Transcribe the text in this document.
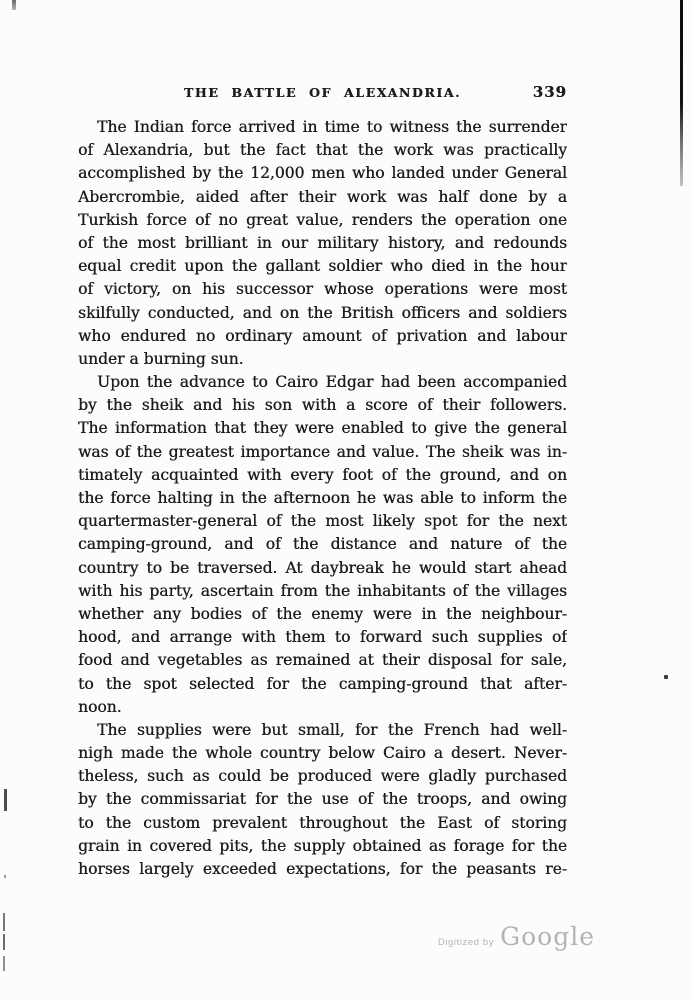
THE BATTLE OF ALEXANDRIA.	339
The Indian force arrived in time to witness the surrender
of Alexandria, but the fact that the work was practically
accomplished by the 12,000 men who landed under General
Abercrombie, aided after their work was half done by a
Turkish force of no great value, renders the operation one
of the most brilliant in our military history, and redounds
equal credit upon the gallant soldier who died in the hour
of victory, on his successor whose operations were most
skilfully conducted, and on the British officers and soldiers
who endured no ordinary amount of privation and labour
under a burning sun.
Upon the advance to Cairo Edgar had been accompanied
by the sheik and his son with a score of their followers.
The information that they were enabled to give the general
was of the greatest importance and value. The sheik was in-
timately acquainted with every foot of the ground, and on
the force halting in the afternoon he was able to inform the
quartermaster-general of the most likely spot for the next
camping-ground, and of the distance and nature of the
country to be traversed. At daybreak he would start ahead
with his party, ascertain from the inhabitants of the villages
whether any bodies of the enemy were in the neighbour-
hood, and arrange with them to forward such supplies of
food and vegetables as remained at their disposal for sale,
to the spot selected for the camping-ground that after-
noon.
The supplies were but small, for the French had well-
nigh made the whole country below Cairo a desert. Never-
theless, such as could be produced were gladly purchased
by the commissariat for the use of the troops, and owing
to the custom prevalent throughout the East of storing
grain in covered pits, the supply obtained as forage for the
horses largely exceeded expectations, for the peasants re-
Digitized by Google
